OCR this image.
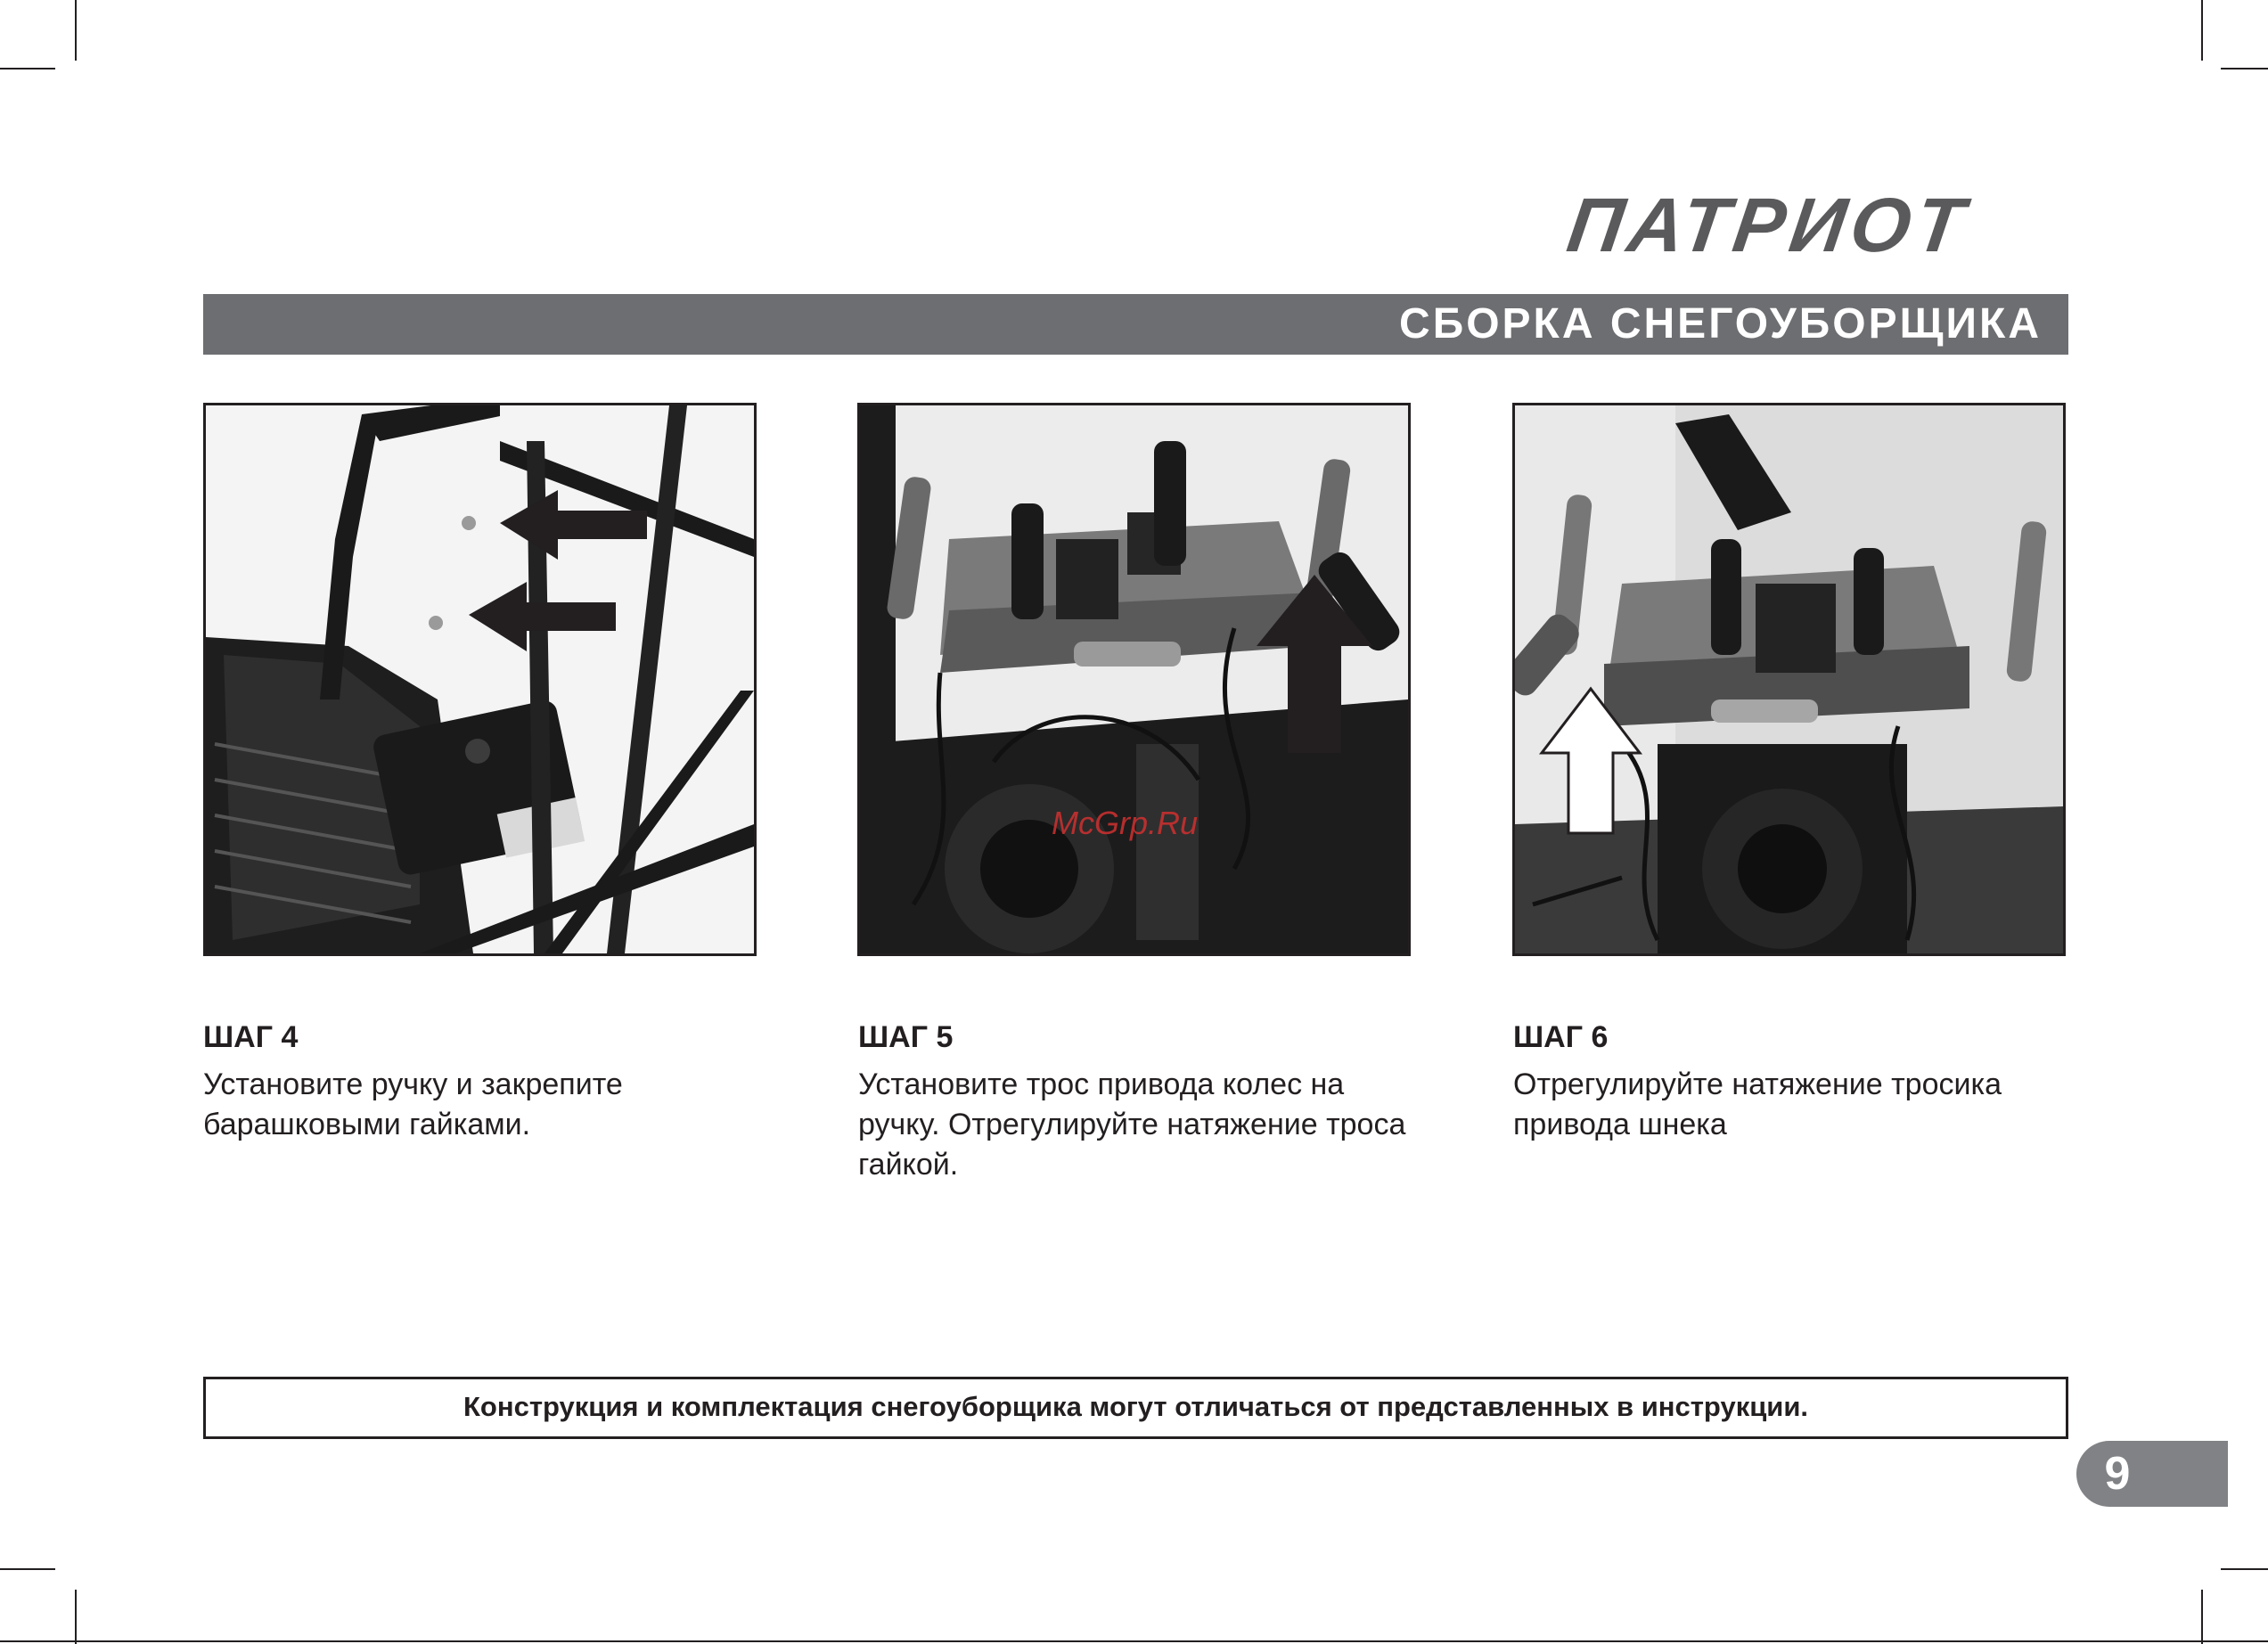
ПАТРИОТ
СБОРКА СНЕГОУБОРЩИКА
McGrp.Ru
ШАГ 4
Установите ручку и закрепите
барашковыми гайками.
ШАГ 5
Установите трос привода колес на
ручку. Отрегулируйте натяжение троса
гайкой.
ШАГ 6
Отрегулируйте натяжение тросика
привода шнека
Конструкция и комплектация снегоуборщика могут отличаться от представленных в инструкции.
9
